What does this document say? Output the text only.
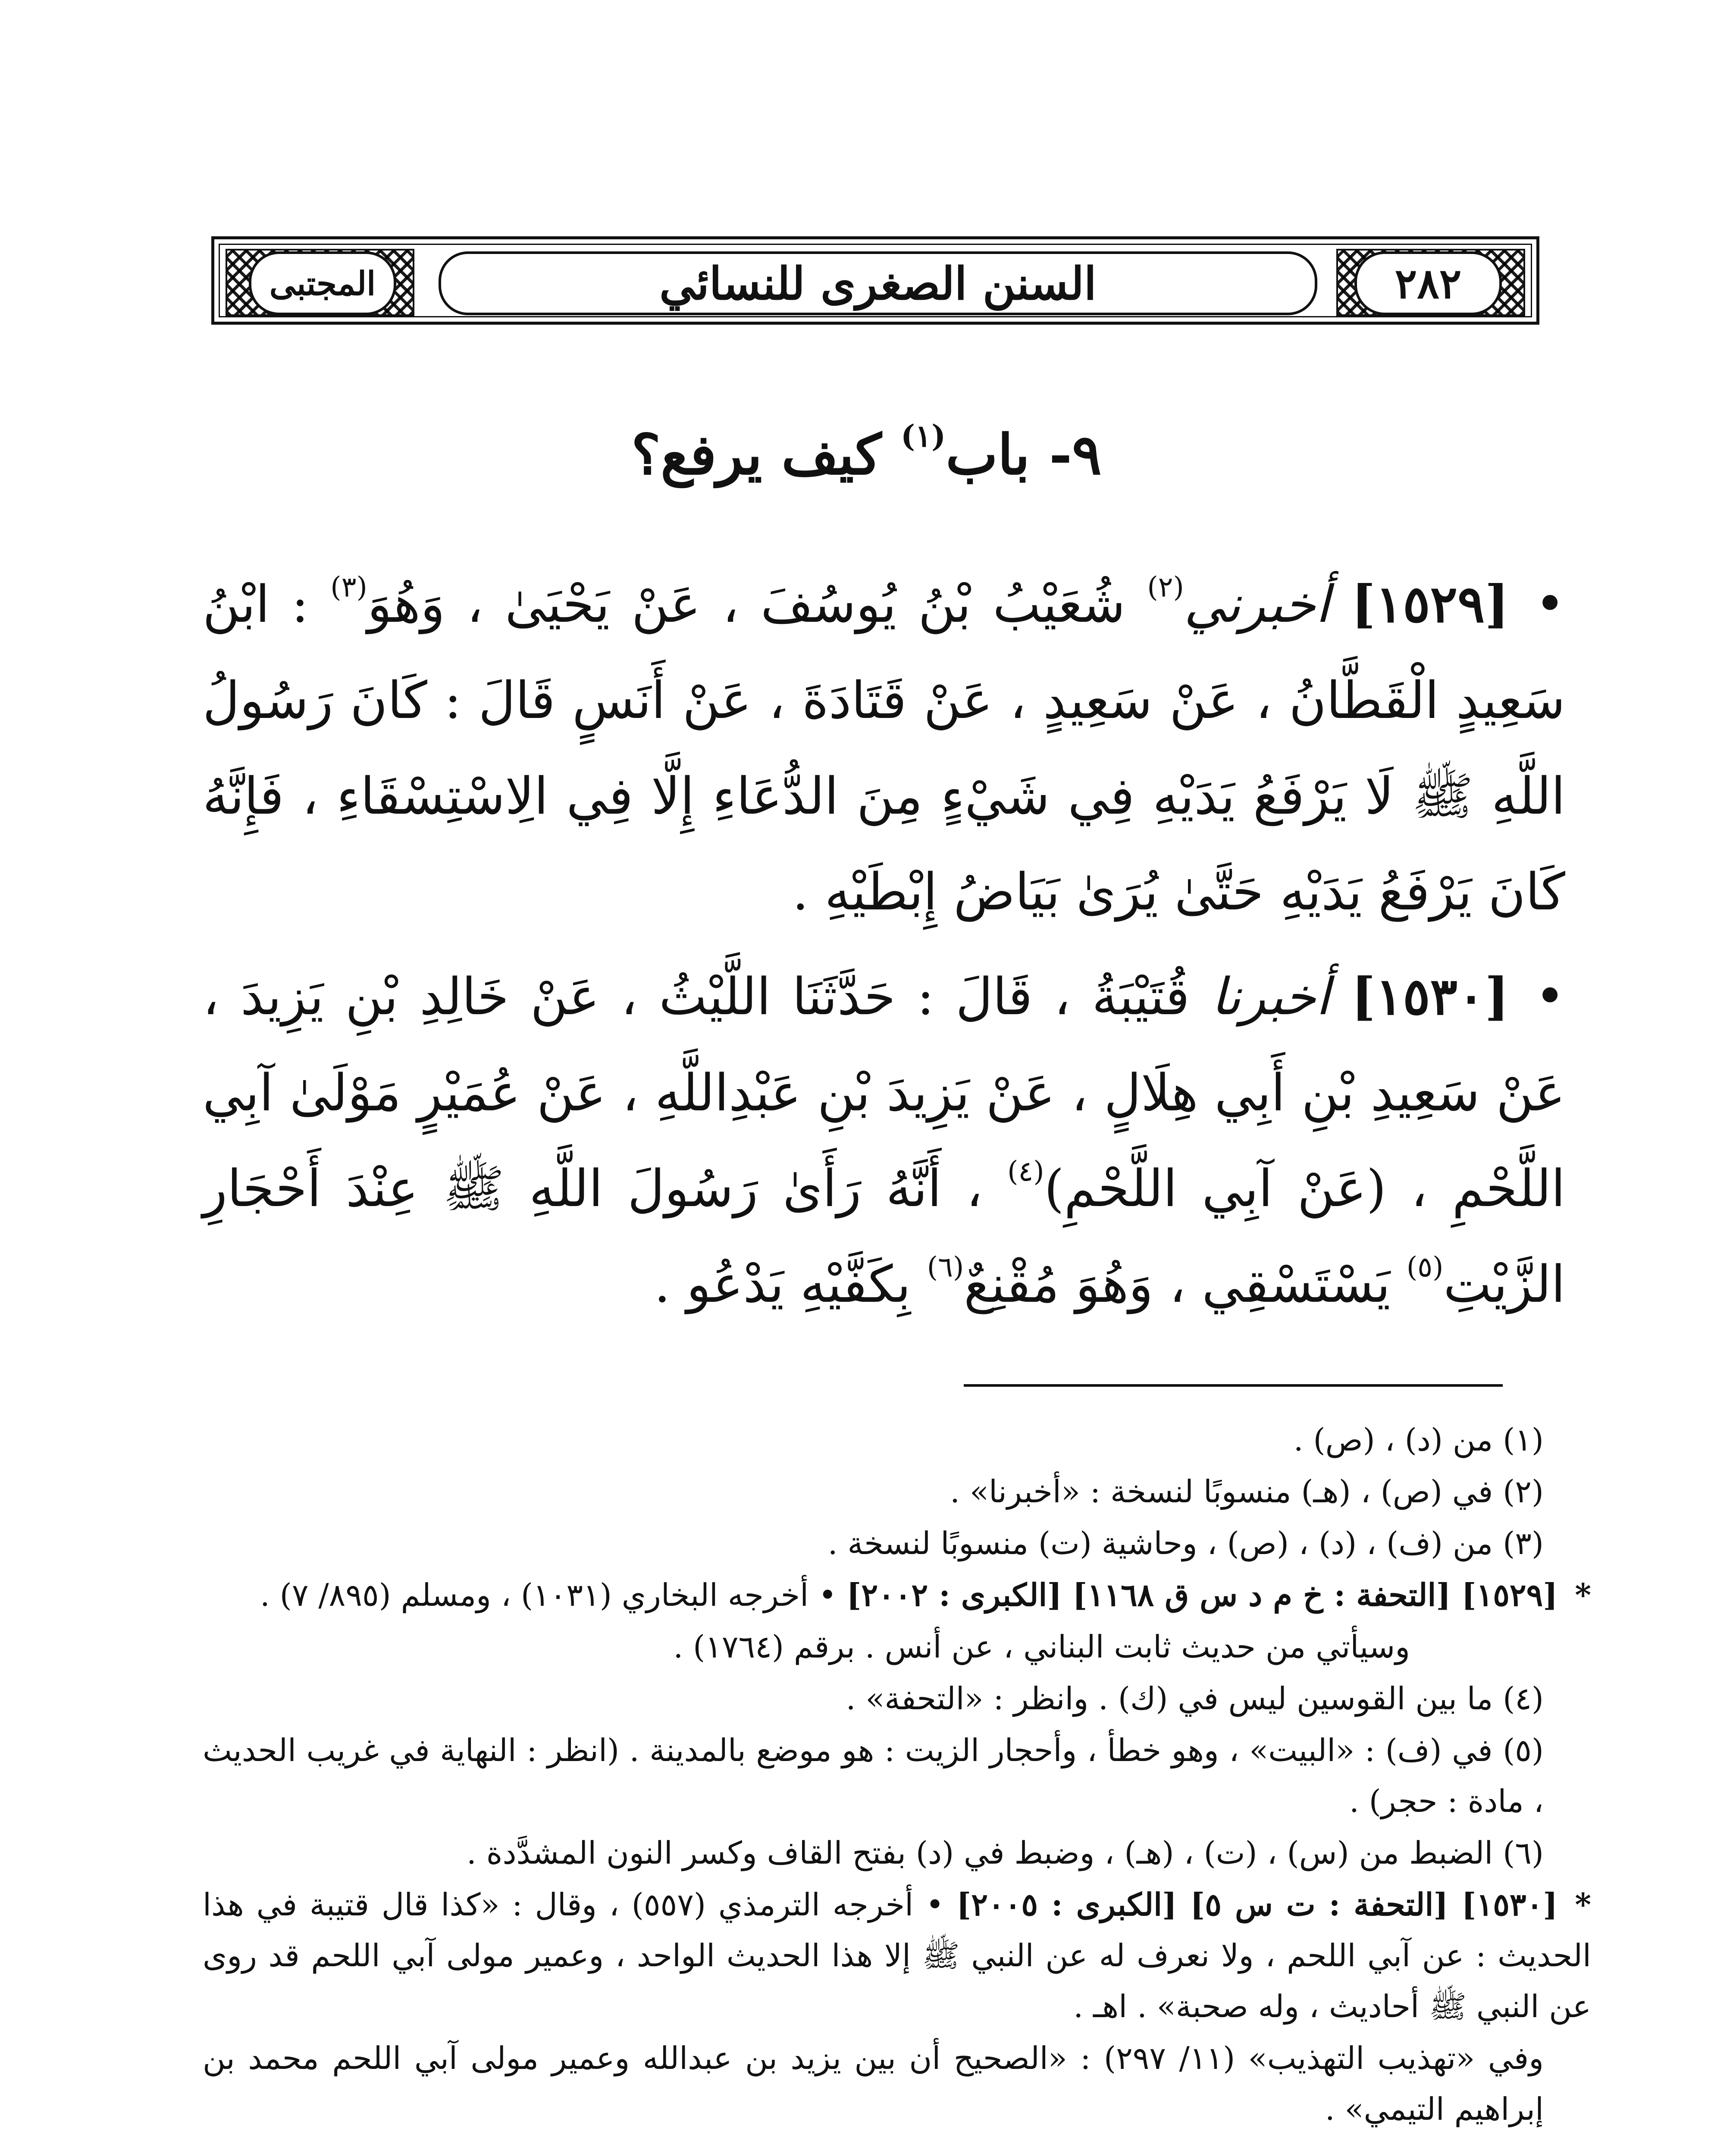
المجتبى	السنن الصغرى للنسائي	٢٨٢
٩- باب$^{(١)}$ كيف يرفع؟
• [١٥٢٩] أخبرني$^{(٢)}$ شُعَيْبُ بْنُ يُوسُفَ ، عَنْ يَحْيَىٰ ، وَهُوَ$^{(٣)}$ : ابْنُ سَعِيدٍ الْقَطَّانُ ، عَنْ سَعِيدٍ ، عَنْ قَتَادَةَ ، عَنْ أَنَسٍ قَالَ : كَانَ رَسُولُ اللَّهِ ﷺ لَا يَرْفَعُ يَدَيْهِ فِي شَيْءٍ مِنَ الدُّعَاءِ إِلَّا فِي الِاسْتِسْقَاءِ ، فَإِنَّهُ كَانَ يَرْفَعُ يَدَيْهِ حَتَّىٰ يُرَىٰ بَيَاضُ إِبْطَيْهِ .
• [١٥٣٠] أخبرنا قُتَيْبَةُ ، قَالَ : حَدَّثَنَا اللَّيْثُ ، عَنْ خَالِدِ بْنِ يَزِيدَ ، عَنْ سَعِيدِ بْنِ أَبِي هِلَالٍ ، عَنْ يَزِيدَ بْنِ عَبْدِاللَّهِ ، عَنْ عُمَيْرٍ مَوْلَىٰ آبِي اللَّحْمِ ، (عَنْ آبِي اللَّحْمِ)$^{(٤)}$ ، أَنَّهُ رَأَىٰ رَسُولَ اللَّهِ ﷺ عِنْدَ أَحْجَارِ الزَّيْتِ$^{(٥)}$ يَسْتَسْقِي ، وَهُوَ مُقْنِعٌ$^{(٦)}$ بِكَفَّيْهِ يَدْعُو .

(١) من (د) ، (ص) .

(٢) في (ص) ، (هـ) منسوبًا لنسخة : «أخبرنا» .

(٣) من (ف) ، (د) ، (ص) ، وحاشية (ت) منسوبًا لنسخة .

*[١٥٢٩] [التحفة : خ م د س ق ١١٦٨] [الكبرى : ٢٠٠٢] • أخرجه البخاري (١٠٣١) ، ومسلم (٨٩٥/ ٧) .

وسيأتي من حديث ثابت البناني ، عن أنس . برقم (١٧٦٤) .

(٤) ما بين القوسين ليس في (ك) . وانظر : «التحفة» .

(٥) في (ف) : «البيت» ، وهو خطأ ، وأحجار الزيت : هو موضع بالمدينة . (انظر : النهاية في غريب الحديث ، مادة : حجر) .

(٦) الضبط من (س) ، (ت) ، (هـ) ، وضبط في (د) بفتح القاف وكسر النون المشدَّدة .

*[١٥٣٠] [التحفة : ت س ٥] [الكبرى : ٢٠٠٥] • أخرجه الترمذي (٥٥٧) ، وقال : «كذا قال قتيبة في هذا الحديث : عن آبي اللحم ، ولا نعرف له عن النبي ﷺ إلا هذا الحديث الواحد ، وعمير مولى آبي اللحم قد روى عن النبي ﷺ أحاديث ، وله صحبة» . اهـ .

وفي «تهذيب التهذيب» (١١/ ٢٩٧) : «الصحيح أن بين يزيد بن عبدالله وعمير مولى آبي اللحم محمد بن إبراهيم التيمي» .
